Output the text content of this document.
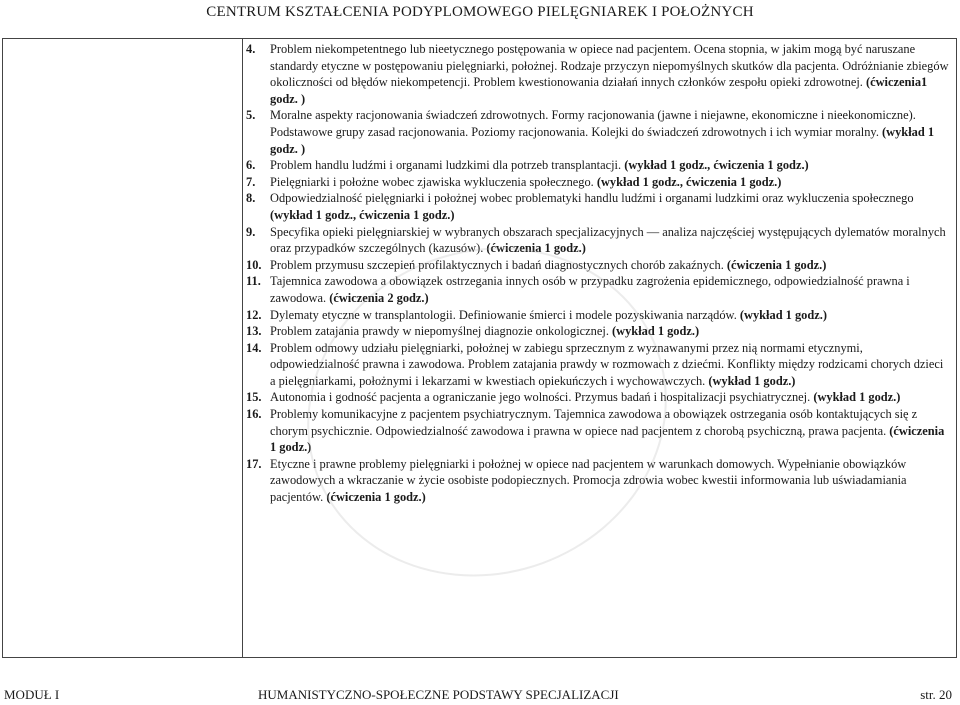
CENTRUM KSZTAŁCENIA PODYPLOMOWEGO PIELĘGNIAREK I POŁOŻNYCH
4.	Problem niekompetentnego lub nieetycznego postępowania w opiece nad pacjentem. Ocena stopnia, w jakim mogą być naruszane standardy etyczne w postępowaniu pielęgniarki, położnej. Rodzaje przyczyn niepomyślnych skutków dla pacjenta. Odróżnianie zbiegów okoliczności od błędów niekompetencji. Problem kwestionowania działań innych członków zespołu opieki zdrowotnej. (ćwiczenia1 godz. )
5.	Moralne aspekty racjonowania świadczeń zdrowotnych. Formy racjonowania (jawne i niejawne, ekonomiczne i nieekonomiczne). Podstawowe grupy zasad racjonowania. Poziomy racjonowania. Kolejki do świadczeń zdrowotnych i ich wymiar moralny. (wykład 1 godz. )
6.	Problem handlu ludźmi i organami ludzkimi dla potrzeb transplantacji. (wykład 1 godz., ćwiczenia 1 godz.)
7.	Pielęgniarki i położne wobec zjawiska wykluczenia społecznego. (wykład 1 godz., ćwiczenia 1 godz.)
8.	Odpowiedzialność pielęgniarki i położnej wobec problematyki handlu ludźmi i organami ludzkimi oraz wykluczenia społecznego (wykład 1 godz., ćwiczenia 1 godz.)
9.	Specyfika opieki pielęgniarskiej w wybranych obszarach specjalizacyjnych — analiza najczęściej występujących dylematów moralnych oraz przypadków szczególnych (kazusów). (ćwiczenia 1 godz.)
10. Problem przymusu szczepień profilaktycznych i badań diagnostycznych chorób zakaźnych. (ćwiczenia 1 godz.)
11. Tajemnica zawodowa a obowiązek ostrzegania innych osób w przypadku zagrożenia epidemicznego, odpowiedzialność prawna i zawodowa. (ćwiczenia 2 godz.)
12. Dylematy etyczne w transplantologii. Definiowanie śmierci i modele pozyskiwania narządów. (wykład 1 godz.)
13. Problem zatajania prawdy w niepomyślnej diagnozie onkologicznej. (wykład 1 godz.)
14. Problem odmowy udziału pielęgniarki, położnej w zabiegu sprzecznym z wyznawanymi przez nią normami etycznymi, odpowiedzialność prawna i zawodowa. Problem zatajania prawdy w rozmowach z dziećmi. Konflikty między rodzicami chorych dzieci a pielęgniarkami, położnymi i lekarzami w kwestiach opiekuńczych i wychowawczych. (wykład 1 godz.)
15. Autonomia i godność pacjenta a ograniczanie jego wolności. Przymus badań i hospitalizacji psychiatrycznej. (wykład 1 godz.)
16. Problemy komunikacyjne z pacjentem psychiatrycznym. Tajemnica zawodowa a obowiązek ostrzegania osób kontaktujących się z chorym psychicznie. Odpowiedzialność zawodowa i prawna w opiece nad pacjentem z chorobą psychiczną, prawa pacjenta. (ćwiczenia 1 godz.)
17. Etyczne i prawne problemy pielęgniarki i położnej w opiece nad pacjentem w warunkach domowych. Wypełnianie obowiązków zawodowych a wkraczanie w życie osobiste podopiecznych. Promocja zdrowia wobec kwestii informowania lub uświadamiania pacjentów. (ćwiczenia 1 godz.)
MODUŁ I	HUMANISTYCZNO-SPOŁECZNE PODSTAWY SPECJALIZACJI	str. 20
